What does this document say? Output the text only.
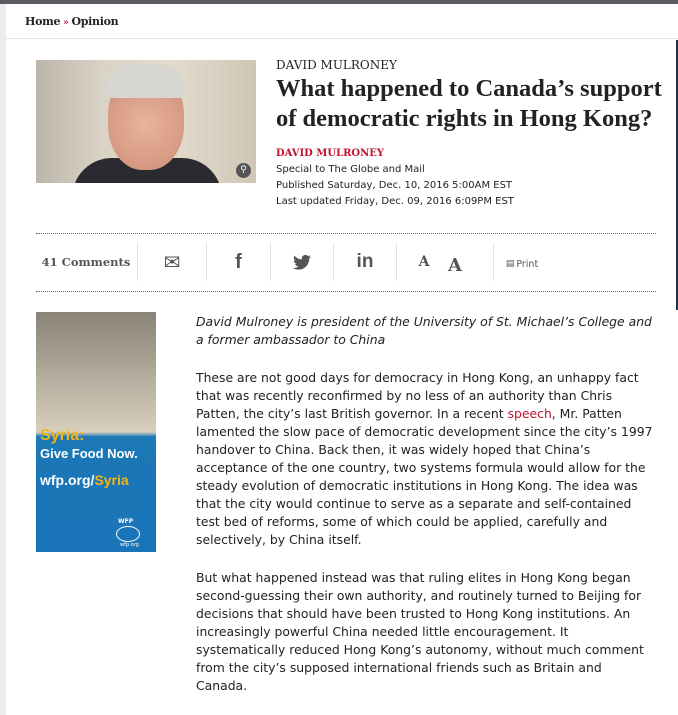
Home » Opinion
⚲
DAVID MULRONEY
What happened to Canada’s support of democratic rights in Hong Kong?
DAVID MULRONEY
Special to The Globe and Mail
Published Saturday, Dec. 10, 2016 5:00AM EST
Last updated Friday, Dec. 09, 2016 6:09PM EST
41 Comments	✉	f	in	A	A	▤ Print
Syria:
Give Food Now.
wfp.org/Syria
WFP
wfp.org

David Mulroney is president of the University of St. Michael’s College and a former ambassador to China

These are not good days for democracy in Hong Kong, an unhappy fact that was recently reconfirmed by no less of an authority than Chris Patten, the city’s last British governor. In a recent speech, Mr. Patten lamented the slow pace of democratic development since the city’s 1997 handover to China. Back then, it was widely hoped that China’s acceptance of the one country, two systems formula would allow for the steady evolution of democratic institutions in Hong Kong. The idea was that the city would continue to serve as a separate and self-contained test bed of reforms, some of which could be applied, carefully and selectively, by China itself.

But what happened instead was that ruling elites in Hong Kong began second-guessing their own authority, and routinely turned to Beijing for decisions that should have been trusted to Hong Kong institutions. An increasingly powerful China needed little encouragement. It systematically reduced Hong Kong’s autonomy, without much comment from the city’s supposed international friends such as Britain and Canada.
